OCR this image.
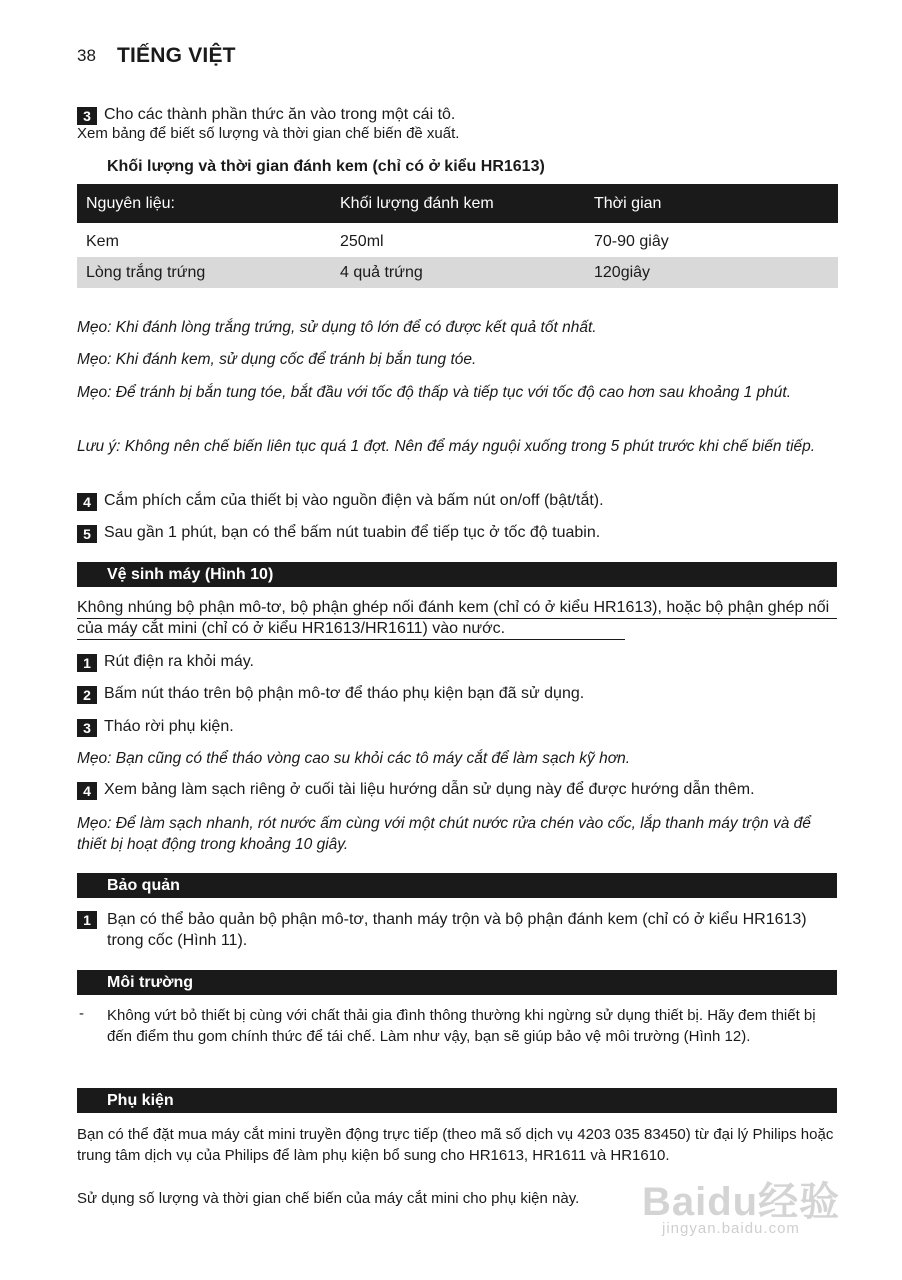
38 TIẾNG VIỆT
3 Cho các thành phần thức ăn vào trong một cái tô.
Xem bảng để biết số lượng và thời gian chế biến đề xuất.
Khối lượng và thời gian đánh kem (chỉ có ở kiểu HR1613)
Nguyên liệu:	Khối lượng đánh kem	Thời gian
Kem	250ml	70-90 giây
Lòng trắng trứng	4 quả trứng	120giây
Mẹo: Khi đánh lòng trắng trứng, sử dụng tô lớn để có được kết quả tốt nhất.
Mẹo: Khi đánh kem, sử dụng cốc để tránh bị bắn tung tóe.
Mẹo: Để tránh bị bắn tung tóe, bắt đầu với tốc độ thấp và tiếp tục với tốc độ cao hơn sau khoảng 1 phút.
Lưu ý: Không nên chế biến liên tục quá 1 đợt. Nên để máy nguội xuống trong 5 phút trước khi chế biến tiếp.
4 Cắm phích cắm của thiết bị vào nguồn điện và bấm nút on/off (bật/tắt).
5 Sau gần 1 phút, bạn có thể bấm nút tuabin để tiếp tục ở tốc độ tuabin.
Vệ sinh máy (Hình 10)
Không nhúng bộ phận mô-tơ, bộ phận ghép nối đánh kem (chỉ có ở kiểu HR1613), hoặc bộ phận ghép nối của máy cắt mini (chỉ có ở kiểu HR1613/HR1611) vào nước.
1 Rút điện ra khỏi máy.
2 Bấm nút tháo trên bộ phận mô-tơ để tháo phụ kiện bạn đã sử dụng.
3 Tháo rời phụ kiện.
Mẹo: Bạn cũng có thể tháo vòng cao su khỏi các tô máy cắt để làm sạch kỹ hơn.
4 Xem bảng làm sạch riêng ở cuối tài liệu hướng dẫn sử dụng này để được hướng dẫn thêm.
Mẹo: Để làm sạch nhanh, rót nước ấm cùng với một chút nước rửa chén vào cốc, lắp thanh máy trộn và để thiết bị hoạt động trong khoảng 10 giây.
Bảo quản
1	Bạn có thể bảo quản bộ phận mô-tơ, thanh máy trộn và bộ phận đánh kem (chỉ có ở kiểu HR1613) trong cốc (Hình 11).
Môi trường
- Không vứt bỏ thiết bị cùng với chất thải gia đình thông thường khi ngừng sử dụng thiết bị. Hãy đem thiết bị đến điểm thu gom chính thức để tái chế. Làm như vậy, bạn sẽ giúp bảo vệ môi trường (Hình 12).
Phụ kiện
Bạn có thể đặt mua máy cắt mini truyền động trực tiếp (theo mã số dịch vụ 4203 035 83450) từ đại lý Philips hoặc trung tâm dịch vụ của Philips để làm phụ kiện bổ sung cho HR1613, HR1611 và HR1610.
Sử dụng số lượng và thời gian chế biến của máy cắt mini cho phụ kiện này. Baidu经验
jingyan.baidu.com
